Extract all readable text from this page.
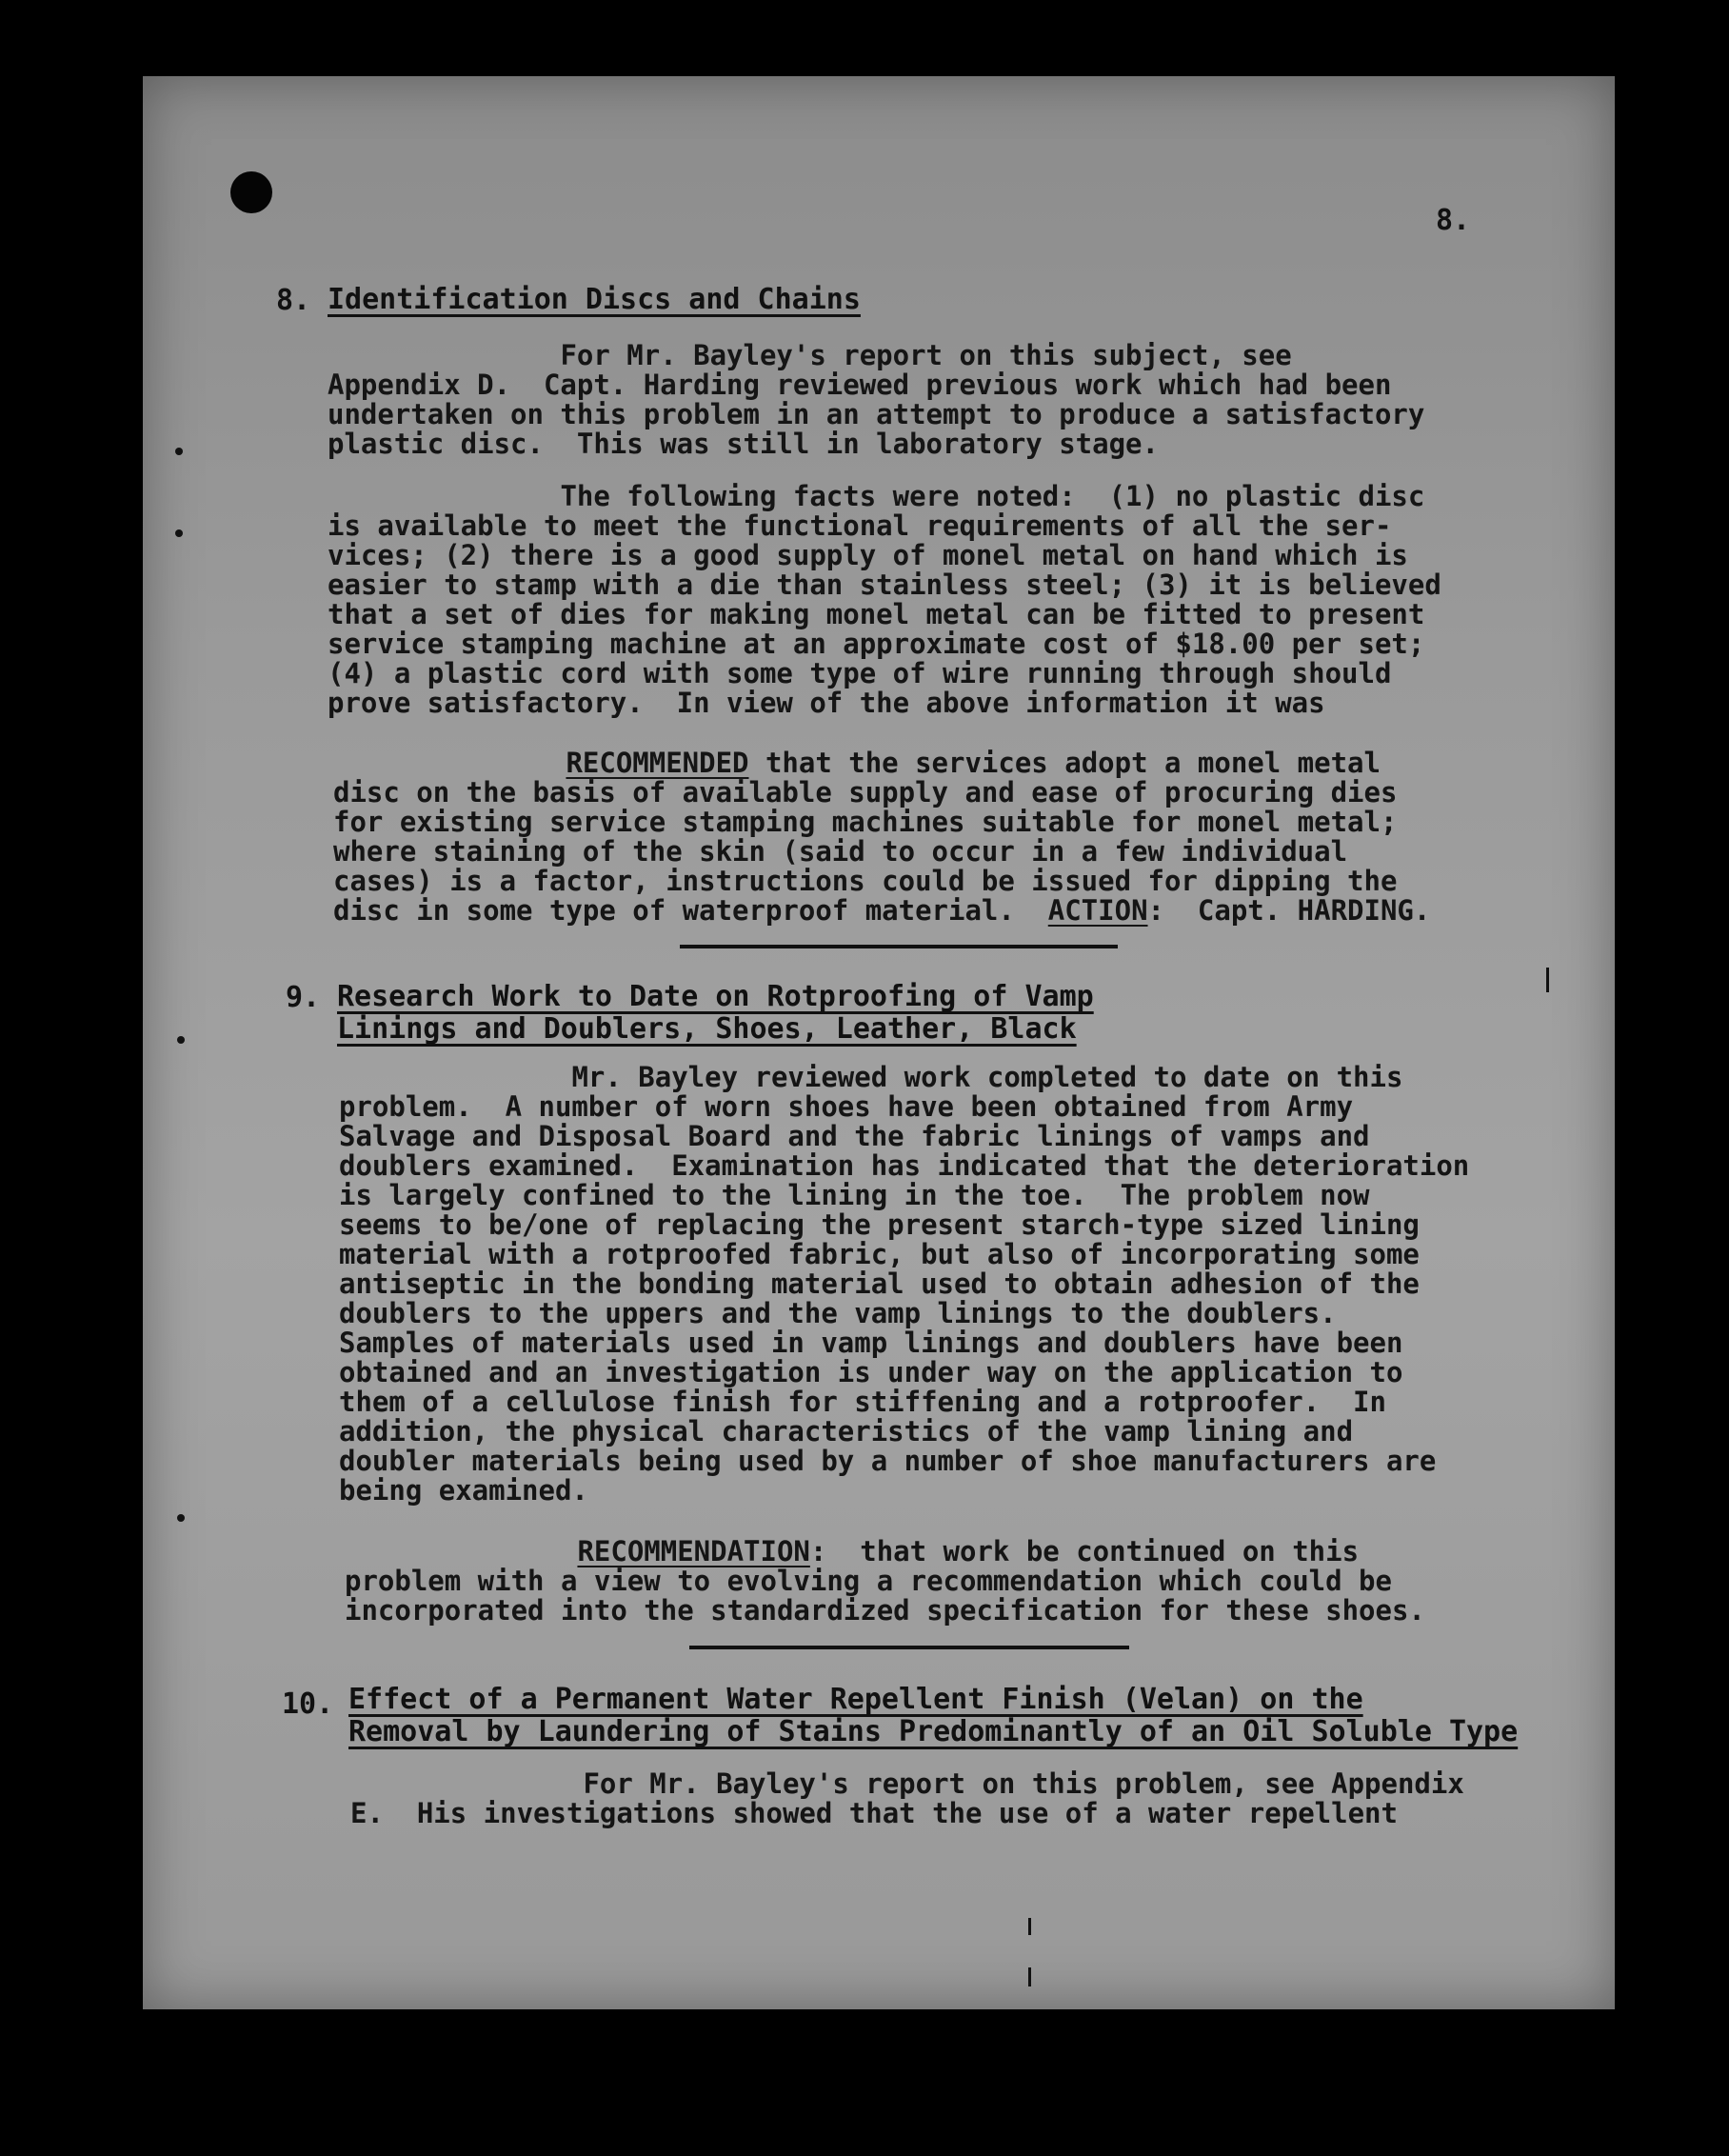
8.
8. Identification Discs and Chains
For Mr. Bayley's report on this subject, see
Appendix D.  Capt. Harding reviewed previous work which had been
undertaken on this problem in an attempt to produce a satisfactory
plastic disc.  This was still in laboratory stage.
The following facts were noted:  (1) no plastic disc
is available to meet the functional requirements of all the ser-
vices; (2) there is a good supply of monel metal on hand which is
easier to stamp with a die than stainless steel; (3) it is believed
that a set of dies for making monel metal can be fitted to present
service stamping machine at an approximate cost of $18.00 per set;
(4) a plastic cord with some type of wire running through should
prove satisfactory.  In view of the above information it was
RECOMMENDED that the services adopt a monel metal
disc on the basis of available supply and ease of procuring dies
for existing service stamping machines suitable for monel metal;
where staining of the skin (said to occur in a few individual
cases) is a factor, instructions could be issued for dipping the
disc in some type of waterproof material.  ACTION:  Capt. HARDING.
9. Research Work to Date on Rotproofing of Vamp
Linings and Doublers, Shoes, Leather, Black
Mr. Bayley reviewed work completed to date on this
problem.  A number of worn shoes have been obtained from Army
Salvage and Disposal Board and the fabric linings of vamps and
doublers examined.  Examination has indicated that the deterioration
is largely confined to the lining in the toe.  The problem now
seems to be/one of replacing the present starch-type sized lining
material with a rotproofed fabric, but also of incorporating some
antiseptic in the bonding material used to obtain adhesion of the
doublers to the uppers and the vamp linings to the doublers.
Samples of materials used in vamp linings and doublers have been
obtained and an investigation is under way on the application to
them of a cellulose finish for stiffening and a rotproofer.  In
addition, the physical characteristics of the vamp lining and
doubler materials being used by a number of shoe manufacturers are
being examined.
RECOMMENDATION:  that work be continued on this
problem with a view to evolving a recommendation which could be
incorporated into the standardized specification for these shoes.
10. Effect of a Permanent Water Repellent Finish (Velan) on the
Removal by Laundering of Stains Predominantly of an Oil Soluble Type
For Mr. Bayley's report on this problem, see Appendix
E.  His investigations showed that the use of a water repellent
